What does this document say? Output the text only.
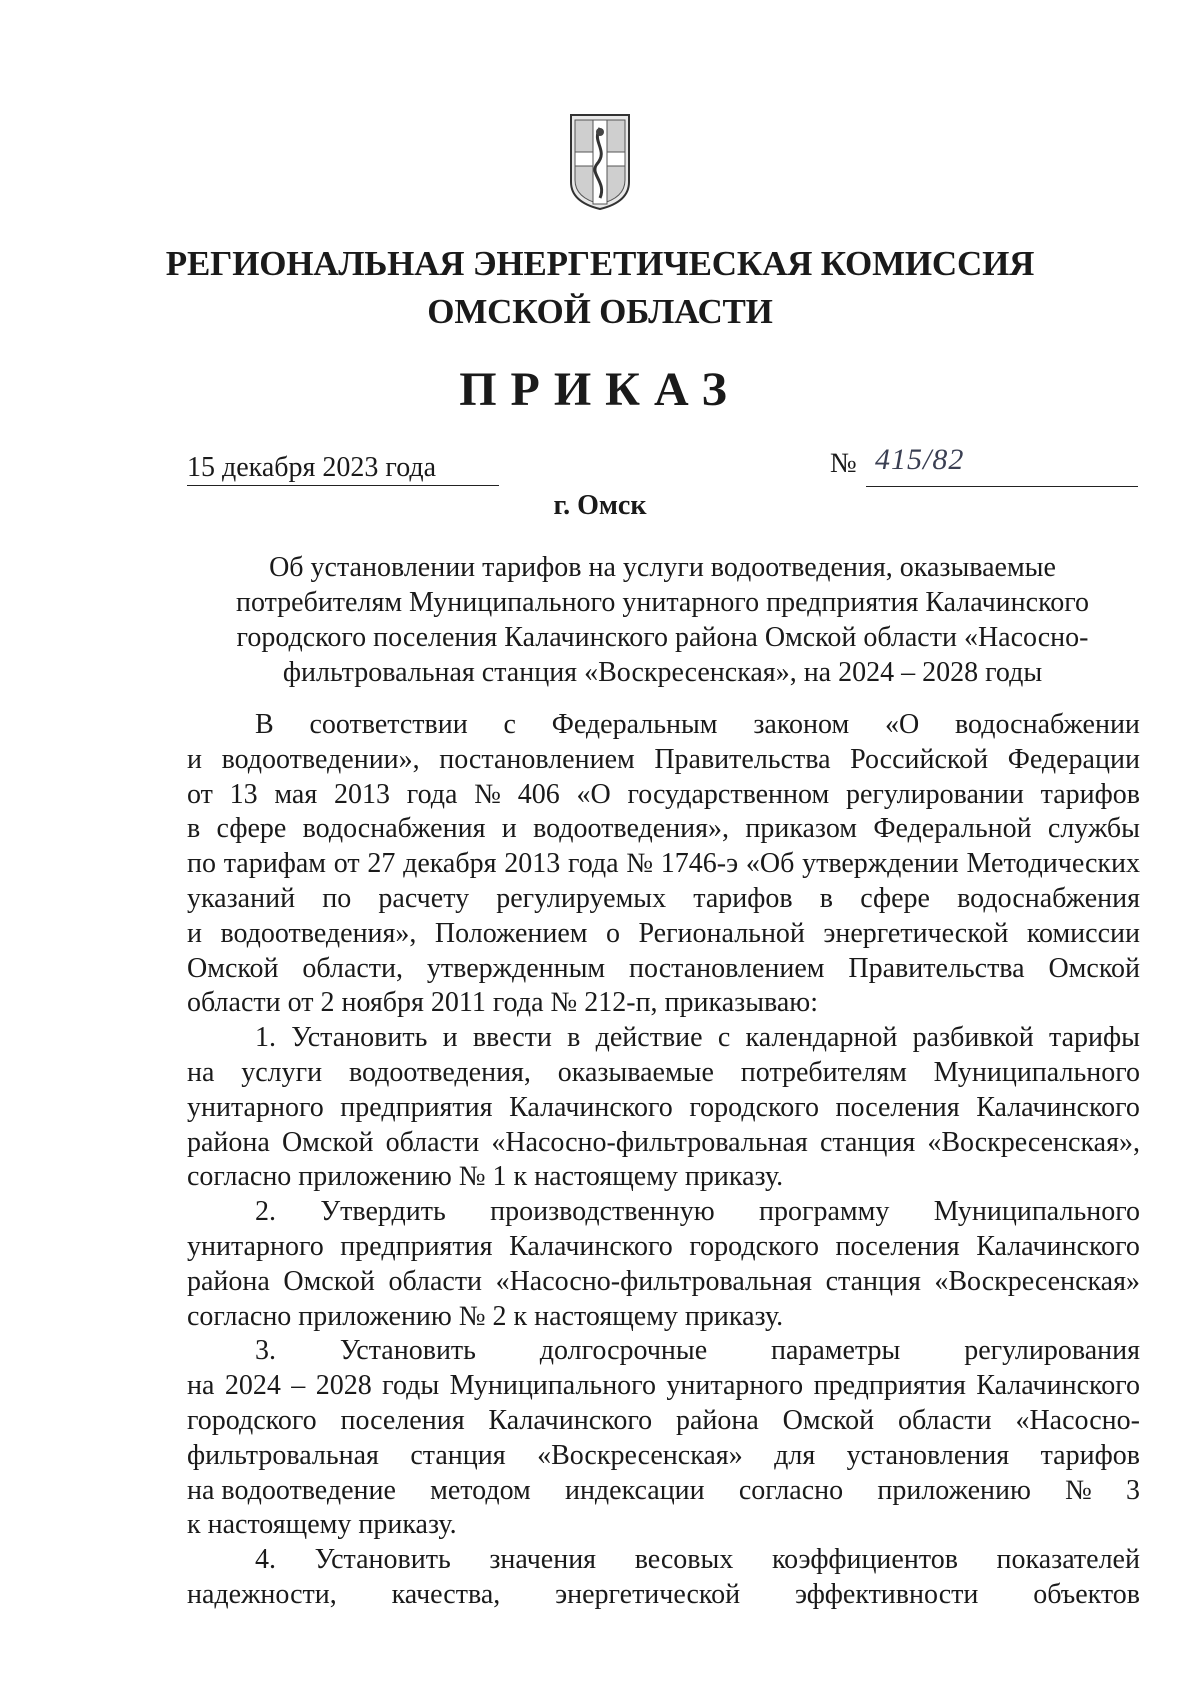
РЕГИОНАЛЬНАЯ ЭНЕРГЕТИЧЕСКАЯ КОМИССИЯ
ОМСКОЙ ОБЛАСТИ
ПРИКАЗ
15 декабря 2023 года	№ 415/82
г. Омск
Об установлении тарифов на услуги водоотведения, оказываемые
потребителям Муниципального унитарного предприятия Калачинского
городского поселения Калачинского района Омской области «Насосно-
фильтровальная станция «Воскресенская», на 2024 – 2028 годы
В соответствии с Федеральным законом «О водоснабжении
и водоотведении», постановлением Правительства Российской Федерации
от 13 мая 2013 года № 406 «О государственном регулировании тарифов
в сфере водоснабжения и водоотведения», приказом Федеральной службы
по тарифам от 27 декабря 2013 года № 1746-э «Об утверждении Методических
указаний по расчету регулируемых тарифов в сфере водоснабжения
и водоотведения», Положением о Региональной энергетической комиссии
Омской области, утвержденным постановлением Правительства Омской
области от 2 ноября 2011 года № 212-п, приказываю:
1. Установить и ввести в действие с календарной разбивкой тарифы
на услуги водоотведения, оказываемые потребителям Муниципального
унитарного предприятия Калачинского городского поселения Калачинского
района Омской области «Насосно-фильтровальная станция «Воскресенская»,
согласно приложению № 1 к настоящему приказу.
2. Утвердить производственную программу Муниципального
унитарного предприятия Калачинского городского поселения Калачинского
района Омской области «Насосно-фильтровальная станция «Воскресенская»
согласно приложению № 2 к настоящему приказу.
3. Установить долгосрочные параметры регулирования
на 2024 – 2028 годы Муниципального унитарного предприятия Калачинского
городского поселения Калачинского района Омской области «Насосно-
фильтровальная станция «Воскресенская» для установления тарифов
на водоотведение методом индексации согласно приложению № 3
к настоящему приказу.
4. Установить значения весовых коэффициентов показателей
надежности, качества, энергетической эффективности объектов
